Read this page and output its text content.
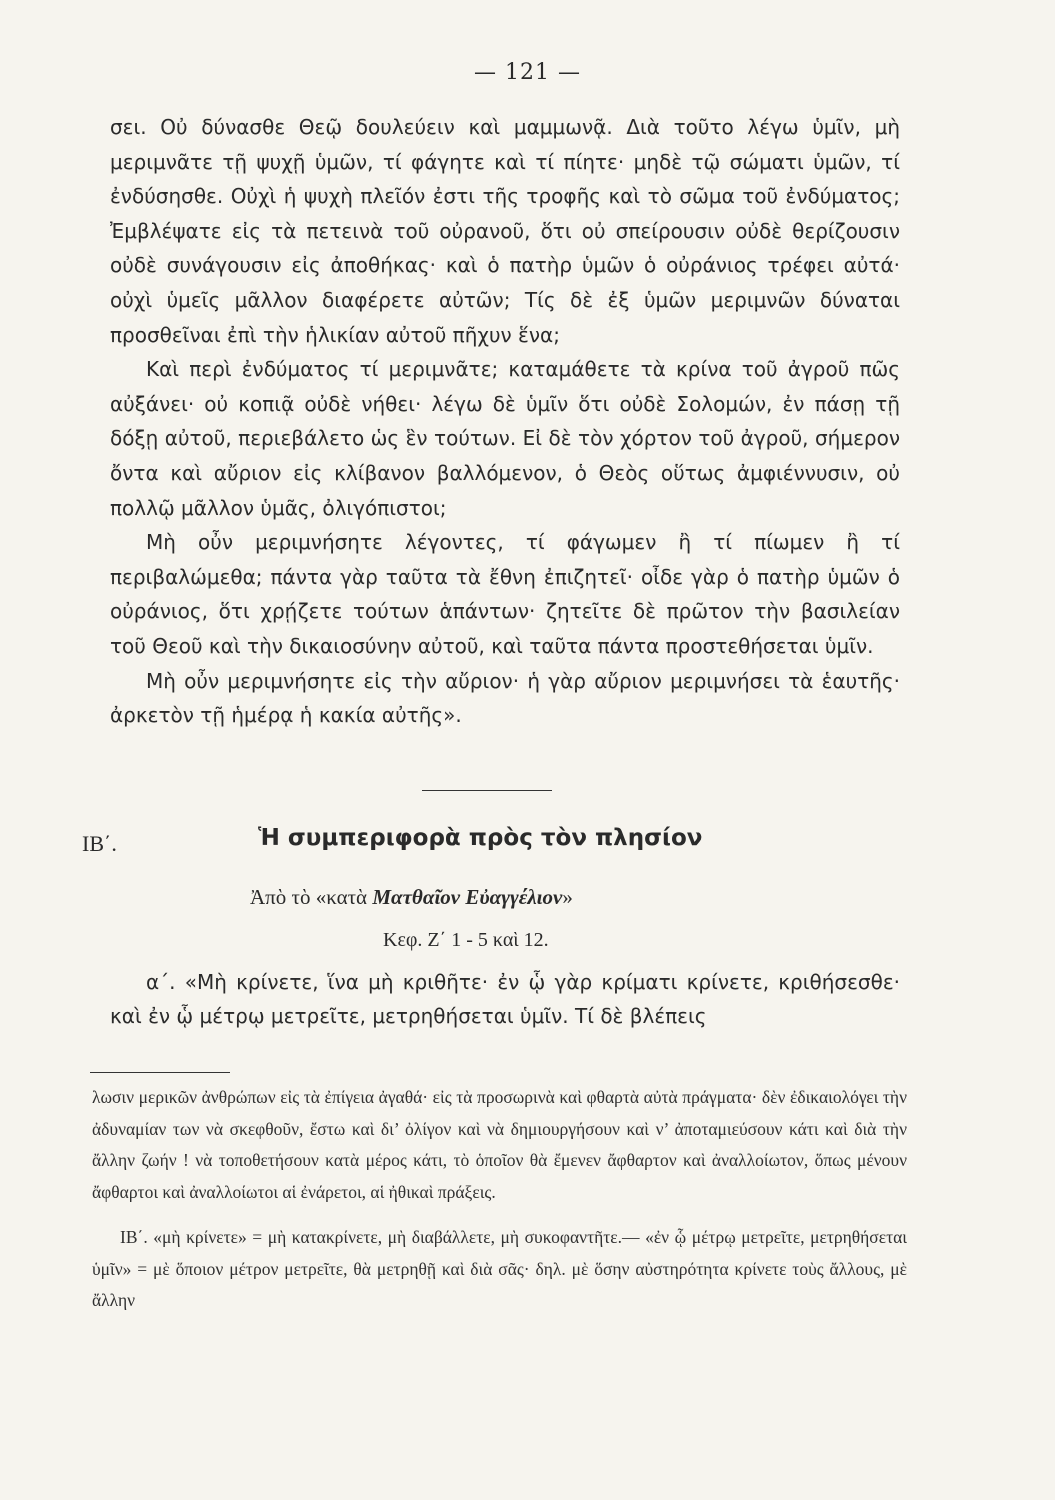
— 121 —

σει. Οὐ δύνασθε Θεῷ δουλεύειν καὶ μαμμωνᾷ. Διὰ τοῦτο λέγω ὑμῖν, μὴ μεριμνᾶτε τῇ ψυχῇ ὑμῶν, τί φάγητε καὶ τί πίητε· μηδὲ τῷ σώματι ὑμῶν, τί ἐνδύσησθε. Οὐχὶ ἡ ψυχὴ πλεῖόν ἐστι τῆς τροφῆς καὶ τὸ σῶμα τοῦ ἐνδύματος; Ἐμβλέψατε εἰς τὰ πετεινὰ τοῦ οὐρανοῦ, ὅτι οὐ σπείρουσιν οὐδὲ θερίζουσιν οὐδὲ συνάγουσιν εἰς ἀποθήκας· καὶ ὁ πατὴρ ὑμῶν ὁ οὐράνιος τρέφει αὐτά· οὐχὶ ὑμεῖς μᾶλλον διαφέρετε αὐτῶν; Τίς δὲ ἐξ ὑμῶν μεριμνῶν δύναται προσθεῖναι ἐπὶ τὴν ἡλικίαν αὐτοῦ πῆχυν ἕνα;

Καὶ περὶ ἐνδύματος τί μεριμνᾶτε; καταμάθετε τὰ κρίνα τοῦ ἀγροῦ πῶς αὐξάνει· οὐ κοπιᾷ οὐδὲ νήθει· λέγω δὲ ὑμῖν ὅτι οὐδὲ Σολομών, ἐν πάσῃ τῇ δόξῃ αὐτοῦ, περιεβάλετο ὡς ἓν τούτων. Εἰ δὲ τὸν χόρτον τοῦ ἀγροῦ, σήμερον ὄντα καὶ αὔριον εἰς κλίβανον βαλλόμενον, ὁ Θεὸς οὕτως ἀμφιέννυσιν, οὐ πολλῷ μᾶλλον ὑμᾶς, ὀλιγόπιστοι;

Μὴ οὖν μεριμνήσητε λέγοντες, τί φάγωμεν ἢ τί πίωμεν ἢ τί περιβαλώμεθα; πάντα γὰρ ταῦτα τὰ ἔθνη ἐπιζητεῖ· οἶδε γὰρ ὁ πατὴρ ὑμῶν ὁ οὐράνιος, ὅτι χρῄζετε τούτων ἁπάντων· ζητεῖτε δὲ πρῶτον τὴν βασιλείαν τοῦ Θεοῦ καὶ τὴν δικαιοσύνην αὐτοῦ, καὶ ταῦτα πάντα προστεθήσεται ὑμῖν.

Μὴ οὖν μεριμνήσητε εἰς τὴν αὔριον· ἡ γὰρ αὔριον μεριμνήσει τὰ ἑαυτῆς· ἀρκετὸν τῇ ἡμέρᾳ ἡ κακία αὐτῆς».

ΙΒ΄.	Ἡ συμπεριφορὰ πρὸς τὸν πλησίον
Ἀπὸ τὸ «κατὰ Ματθαῖον Εὐαγγέλιον»
Κεφ. Ζ΄ 1 - 5 καὶ 12.

α΄. «Μὴ κρίνετε, ἵνα μὴ κριθῆτε· ἐν ᾧ γὰρ κρίματι κρίνετε, κριθήσεσθε· καὶ ἐν ᾧ μέτρῳ μετρεῖτε, μετρηθήσεται ὑμῖν. Τί δὲ βλέπεις

λωσιν μερικῶν ἀνθρώπων εἰς τὰ ἐπίγεια ἀγαθά· εἰς τὰ προσωρινὰ καὶ φθαρτὰ αὐτὰ πράγματα· δὲν ἐδικαιολόγει τὴν ἀδυναμίαν των νὰ σκεφθοῦν, ἔστω καὶ δι’ ὀλίγον καὶ νὰ δημιουργήσουν καὶ ν’ ἀποταμιεύσουν κάτι καὶ διὰ τὴν ἄλλην ζωήν ! νὰ τοποθετήσουν κατὰ μέρος κάτι, τὸ ὁποῖον θὰ ἔμενεν ἄφθαρτον καὶ ἀναλλοίωτον, ὅπως μένουν ἄφθαρτοι καὶ ἀναλλοίωτοι αἱ ἐνάρετοι, αἱ ἠθικαὶ πράξεις.

ΙΒ΄. «μὴ κρίνετε» = μὴ κατακρίνετε, μὴ διαβάλλετε, μὴ συκοφαντῆτε.— «ἐν ᾧ μέτρῳ μετρεῖτε, μετρηθήσεται ὑμῖν» = μὲ ὅποιον μέτρον μετρεῖτε, θὰ μετρηθῇ καὶ διὰ σᾶς· δηλ. μὲ ὅσην αὐστηρότητα κρίνετε τοὺς ἄλλους, μὲ ἄλλην
